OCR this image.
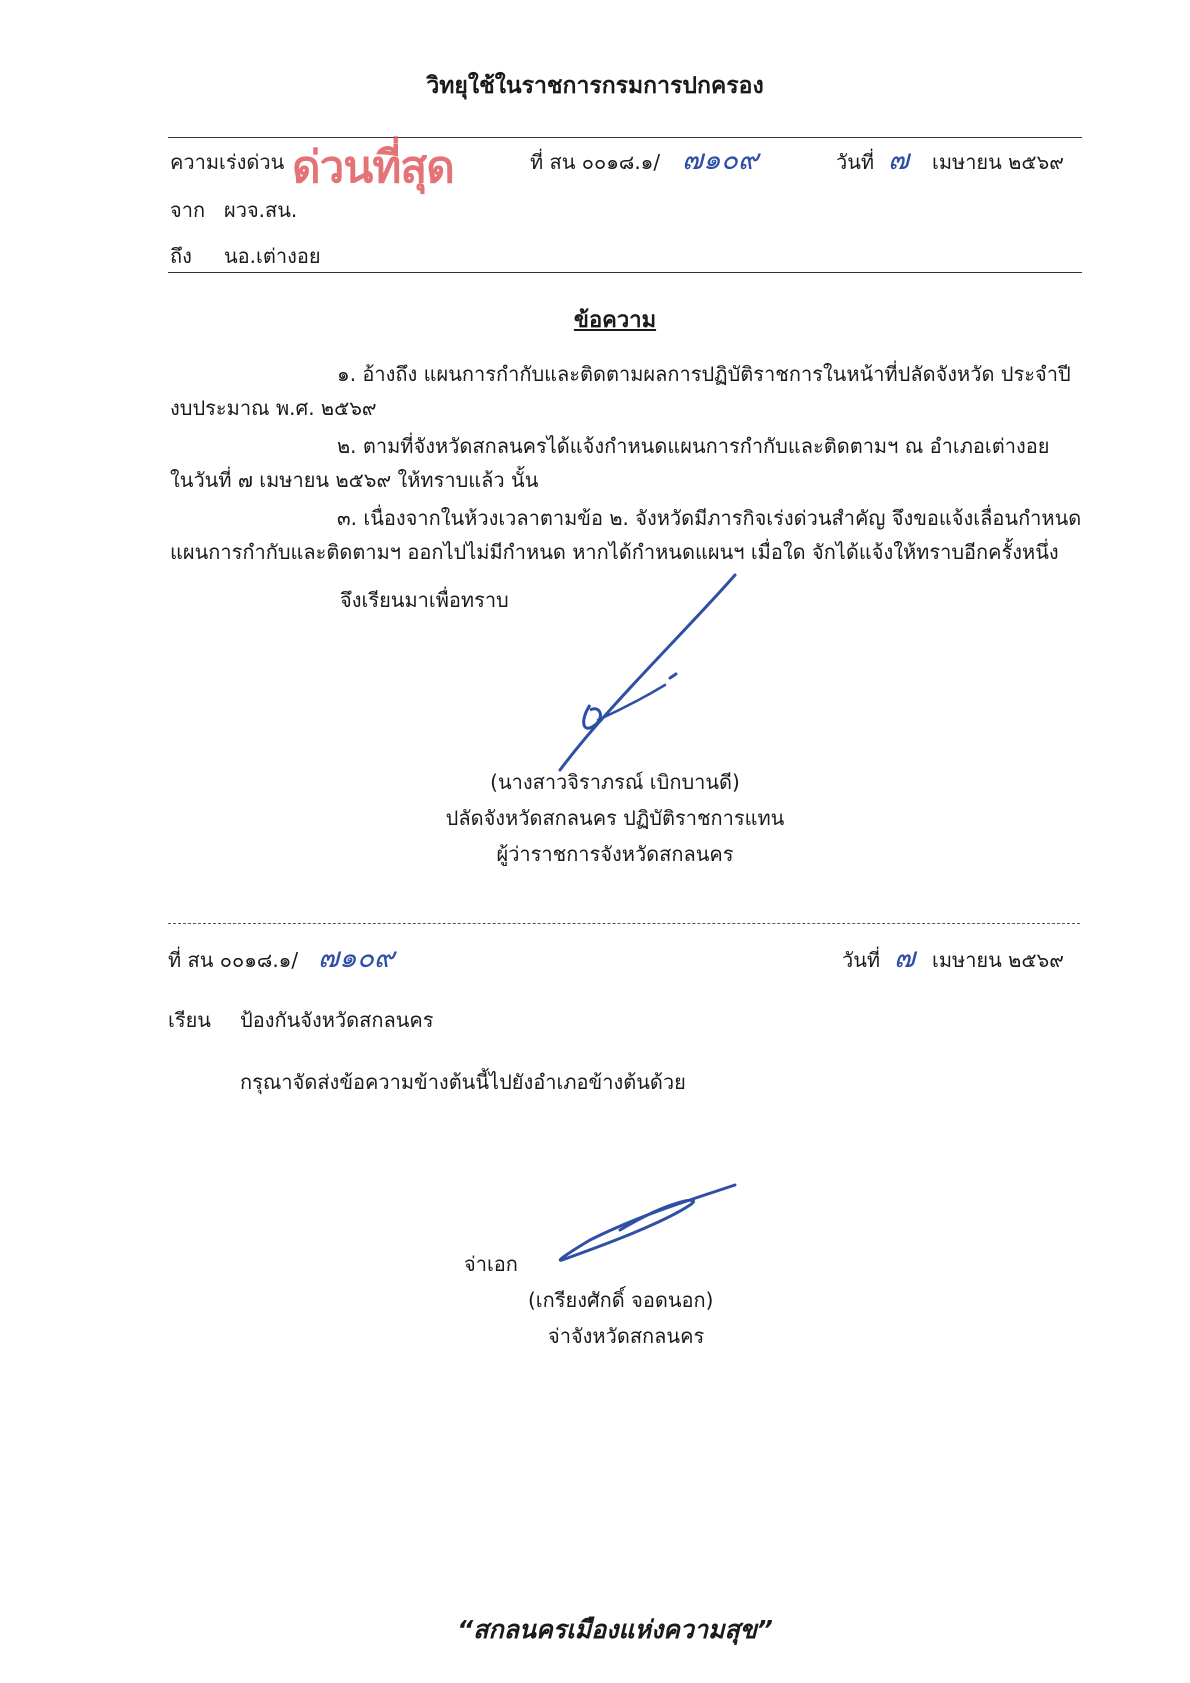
วิทยุใช้ในราชการกรมการปกครอง
ความเร่งด่วน ด่วนที่สุด	ที่ สน ๐๐๑๘.๑/ ๗๑๐๙	วันที่ ๗ เมษายน ๒๕๖๙
จาก ผวจ.สน.
ถึง นอ.เต่างอย
ข้อความ
๑. อ้างถึง แผนการกำกับและติดตามผลการปฏิบัติราชการในหน้าที่ปลัดจังหวัด ประจำปี
งบประมาณ พ.ศ. ๒๕๖๙
๒. ตามที่จังหวัดสกลนครได้แจ้งกำหนดแผนการกำกับและติดตามฯ ณ อำเภอเต่างอย
ในวันที่ ๗ เมษายน ๒๕๖๙ ให้ทราบแล้ว นั้น
๓. เนื่องจากในห้วงเวลาตามข้อ ๒. จังหวัดมีภารกิจเร่งด่วนสำคัญ จึงขอแจ้งเลื่อนกำหนด
แผนการกำกับและติดตามฯ ออกไปไม่มีกำหนด หากได้กำหนดแผนฯ เมื่อใด จักได้แจ้งให้ทราบอีกครั้งหนึ่ง
จึงเรียนมาเพื่อทราบ
(นางสาวจิราภรณ์ เบิกบานดี)
ปลัดจังหวัดสกลนคร ปฏิบัติราชการแทน
ผู้ว่าราชการจังหวัดสกลนคร
ที่ สน ๐๐๑๘.๑/ ๗๑๐๙	วันที่ ๗ เมษายน ๒๕๖๙
เรียน ป้องกันจังหวัดสกลนคร
กรุณาจัดส่งข้อความข้างต้นนี้ไปยังอำเภอข้างต้นด้วย
จ่าเอก
(เกรียงศักดิ์ จอดนอก)
จ่าจังหวัดสกลนคร
“สกลนครเมืองแห่งความสุข”
